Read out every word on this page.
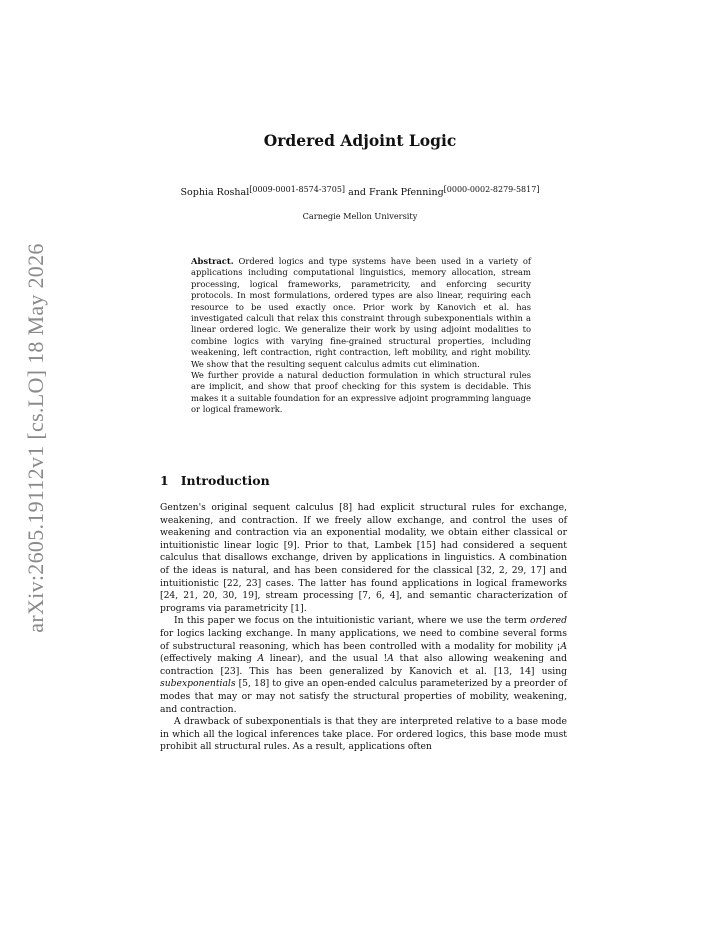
arXiv:2605.19112v1 [cs.LO] 18 May 2026
Ordered Adjoint Logic
Sophia Roshal[0009-0001-8574-3705] and Frank Pfenning[0000-0002-8279-5817]
Carnegie Mellon University

Abstract. Ordered logics and type systems have been used in a variety of applications including computational linguistics, memory allocation, stream processing, logical frameworks, parametricity, and enforcing security protocols. In most formulations, ordered types are also linear, requiring each resource to be used exactly once. Prior work by Kanovich et al. has investigated calculi that relax this constraint through subexponentials within a linear ordered logic. We generalize their work by using adjoint modalities to combine logics with varying fine-grained structural properties, including weakening, left contraction, right contraction, left mobility, and right mobility. We show that the resulting sequent calculus admits cut elimination.

We further provide a natural deduction formulation in which structural rules are implicit, and show that proof checking for this system is decidable. This makes it a suitable foundation for an expressive adjoint programming language or logical framework.

1 Introduction

Gentzen's original sequent calculus [8] had explicit structural rules for exchange, weakening, and contraction. If we freely allow exchange, and control the uses of weakening and contraction via an exponential modality, we obtain either classical or intuitionistic linear logic [9]. Prior to that, Lambek [15] had considered a sequent calculus that disallows exchange, driven by applications in linguistics. A combination of the ideas is natural, and has been considered for the classical [32, 2, 29, 17] and intuitionistic [22, 23] cases. The latter has found applications in logical frameworks [24, 21, 20, 30, 19], stream processing [7, 6, 4], and semantic characterization of programs via parametricity [1].

In this paper we focus on the intuitionistic variant, where we use the term ordered for logics lacking exchange. In many applications, we need to combine several forms of substructural reasoning, which has been controlled with a modality for mobility ¡A (effectively making A linear), and the usual !A that also allowing weakening and contraction [23]. This has been generalized by Kanovich et al. [13, 14] using subexponentials [5, 18] to give an open-ended calculus parameterized by a preorder of modes that may or may not satisfy the structural properties of mobility, weakening, and contraction.

A drawback of subexponentials is that they are interpreted relative to a base mode in which all the logical inferences take place. For ordered logics, this base mode must prohibit all structural rules. As a result, applications often
